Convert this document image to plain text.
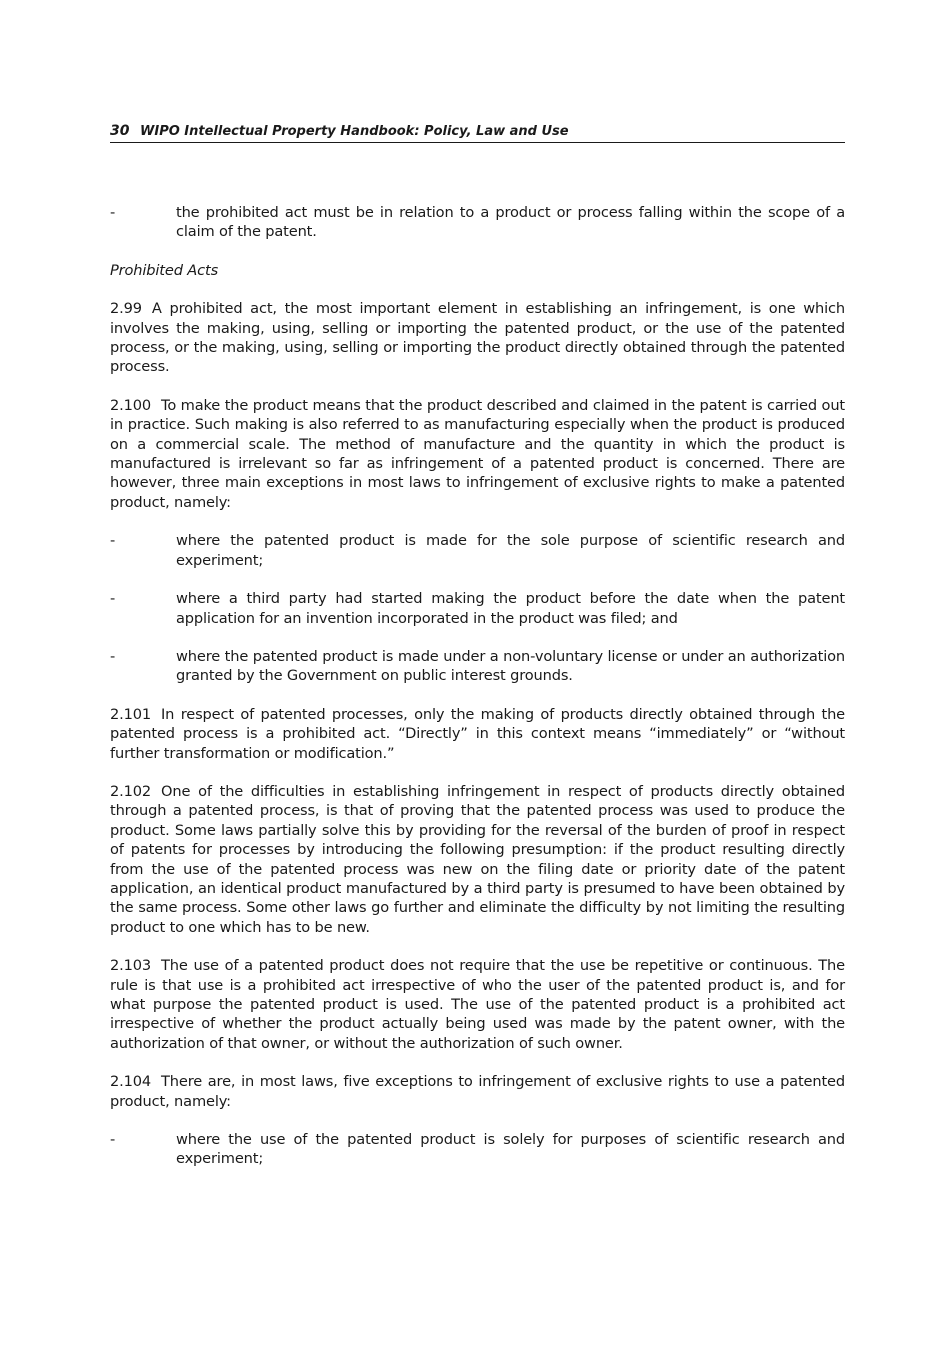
30 WIPO Intellectual Property Handbook: Policy, Law and Use
-	the prohibited act must be in relation to a product or process falling within the scope of a claim of the patent.

Prohibited Acts

2.99 A prohibited act, the most important element in establishing an infringement, is one which involves the making, using, selling or importing the patented product, or the use of the patented process, or the making, using, selling or importing the product directly obtained through the patented process.

2.100 To make the product means that the product described and claimed in the patent is carried out in practice. Such making is also referred to as manufacturing especially when the product is produced on a commercial scale. The method of manufacture and the quantity in which the product is manufactured is irrelevant so far as infringement of a patented product is concerned. There are however, three main exceptions in most laws to infringement of exclusive rights to make a patented product, namely:

-	where the patented product is made for the sole purpose of scientific research and experiment;
-	where a third party had started making the product before the date when the patent application for an invention incorporated in the product was filed; and
-	where the patented product is made under a non-voluntary license or under an authorization granted by the Government on public interest grounds.

2.101 In respect of patented processes, only the making of products directly obtained through the patented process is a prohibited act. “Directly” in this context means “immediately” or “without further transformation or modification.”

2.102 One of the difficulties in establishing infringement in respect of products directly obtained through a patented process, is that of proving that the patented process was used to produce the product. Some laws partially solve this by providing for the reversal of the burden of proof in respect of patents for processes by introducing the following presumption: if the product resulting directly from the use of the patented process was new on the filing date or priority date of the patent application, an identical product manufactured by a third party is presumed to have been obtained by the same process. Some other laws go further and eliminate the difficulty by not limiting the resulting product to one which has to be new.

2.103 The use of a patented product does not require that the use be repetitive or continuous. The rule is that use is a prohibited act irrespective of who the user of the patented product is, and for what purpose the patented product is used. The use of the patented product is a prohibited act irrespective of whether the product actually being used was made by the patent owner, with the authorization of that owner, or without the authorization of such owner.

2.104 There are, in most laws, five exceptions to infringement of exclusive rights to use a patented product, namely:

-	where the use of the patented product is solely for purposes of scientific research and experiment;
